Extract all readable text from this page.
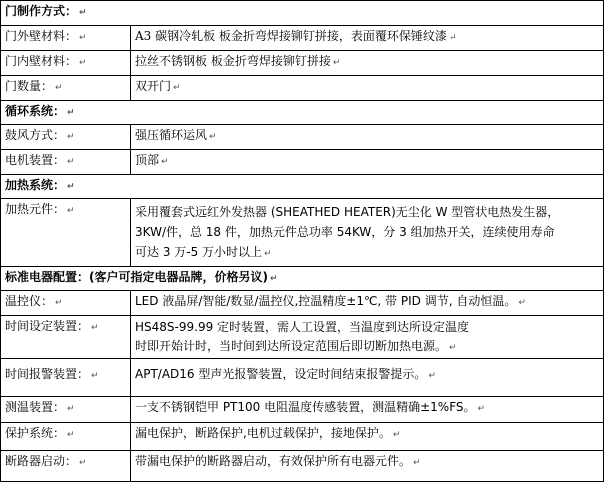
门制作方式： ↵
门外壁材料： ↵	A3 碳钢冷轧板 板金折弯焊接铆钉拼接，表面覆环保锤纹漆 ↵
门内壁材料： ↵	拉丝不锈钢板 板金折弯焊接铆钉拼接 ↵
门数量： ↵	双开门 ↵
循环系统： ↵
鼓风方式： ↵	强压循环运风 ↵
电机装置： ↵	顶部 ↵
加热系统： ↵
加热元件： ↵	采用覆套式远红外发热器 (SHEATHED HEATER)无尘化 W 型管状电热发生器，
3KW/件，总 18 件，加热元件总功率 54KW，分 3 组加热开关，连续使用寿命
可达 3 万-5 万小时以上 ↵
标准电器配置：(客户可指定电器品牌，价格另议) ↵
温控仪： ↵	LED 液晶屏/智能/数显/温控仪,控温精度±1℃, 带 PID 调节, 自动恒温。 ↵
时间设定装置： ↵	HS48S-99.99 定时装置，需人工设置，当温度到达所设定温度
时即开始计时，当时间到达所设定范围后即切断加热电源。 ↵
时间报警装置： ↵	APT/AD16 型声光报警装置，设定时间结束报警提示。 ↵
测温装置： ↵	一支不锈钢铠甲 PT100 电阻温度传感装置，测温精确±1%FS。 ↵
保护系统： ↵	漏电保护，断路保护,电机过载保护，接地保护。 ↵
断路器启动： ↵	带漏电保护的断路器启动，有效保护所有电器元件。 ↵
